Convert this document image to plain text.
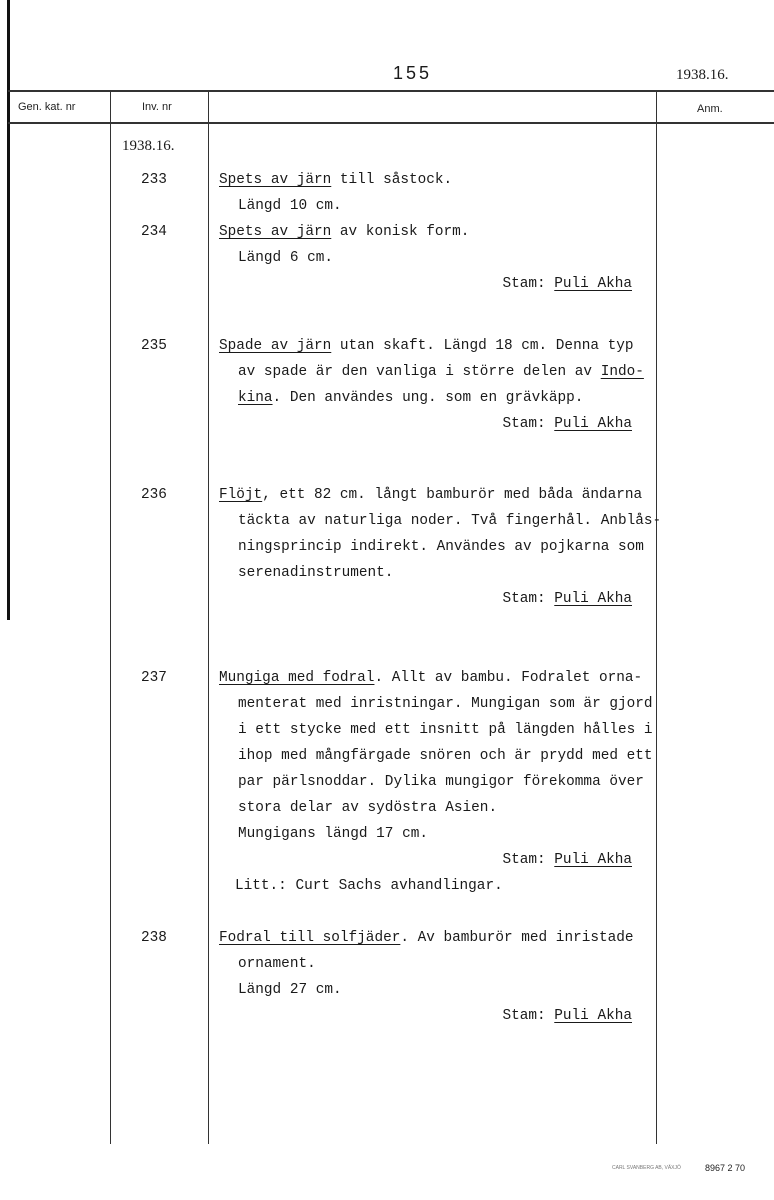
155	1938.16.
Gen. kat. nr	Inv. nr	Anm.
1938.16.
233	Spets av järn till såstock.
Längd 10 cm.
234	Spets av järn av konisk form.
Längd 6 cm.
Stam: Puli Akha
235	Spade av järn utan skaft. Längd 18 cm. Denna typ
av spade är den vanliga i större delen av Indo-
kina. Den användes ung. som en grävkäpp.
Stam: Puli Akha
236	Flöjt, ett 82 cm. långt bamburör med båda ändarna
täckta av naturliga noder. Två fingerhål. Anblås-
ningsprincip indirekt. Användes av pojkarna som
serenadinstrument.
Stam: Puli Akha
237	Mungiga med fodral. Allt av bambu. Fodralet orna-
menterat med inristningar. Mungigan som är gjord
i ett stycke med ett insnitt på längden hålles i
ihop med mångfärgade snören och är prydd med ett
par pärlsnoddar. Dylika mungigor förekomma över
stora delar av sydöstra Asien.
Mungigans längd 17 cm.
Stam: Puli Akha
Litt.: Curt Sachs avhandlingar.
238	Fodral till solfjäder. Av bamburör med inristade
ornament.
Längd 27 cm.
Stam: Puli Akha
CARL SVANBERG AB, VÄXJÖ	8967 2 70
